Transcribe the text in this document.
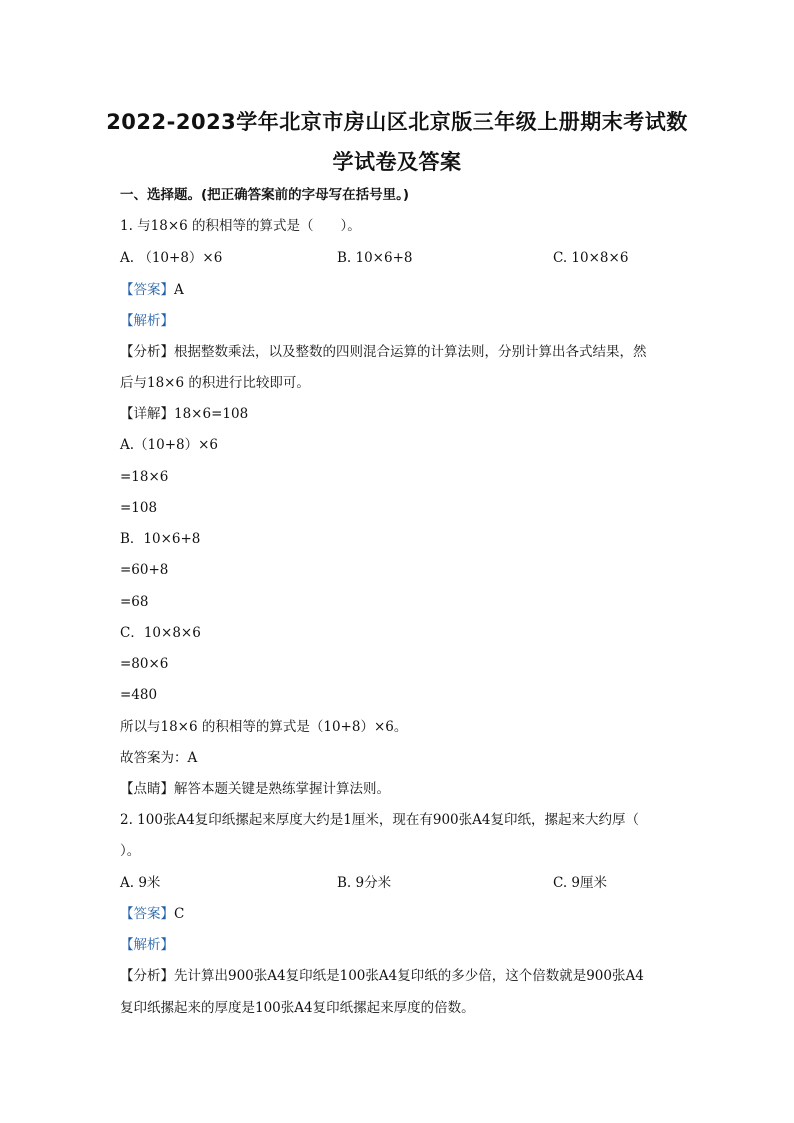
2022-2023学年北京市房山区北京版三年级上册期末考试数
学试卷及答案
一、选择题。(把正确答案前的字母写在括号里。)
1. 与18×6 的积相等的算式是（　　）。
A. （10+8）×6	B. 10×6+8	C. 10×8×6
【答案】A
【解析】
【分析】根据整数乘法，以及整数的四则混合运算的计算法则，分别计算出各式结果，然
后与18×6 的积进行比较即可。
【详解】18×6=108
A.（10+8）×6
=18×6
=108
B．10×6+8
=60+8
=68
C．10×8×6
=80×6
=480
所以与18×6 的积相等的算式是（10+8）×6。
故答案为：A
【点睛】解答本题关键是熟练掌握计算法则。
2. 100张A4复印纸摞起来厚度大约是1厘米，现在有900张A4复印纸，摞起来大约厚（
）。
A. 9米	B. 9分米	C. 9厘米
【答案】C
【解析】
【分析】先计算出900张A4复印纸是100张A4复印纸的多少倍，这个倍数就是900张A4
复印纸摞起来的厚度是100张A4复印纸摞起来厚度的倍数。
